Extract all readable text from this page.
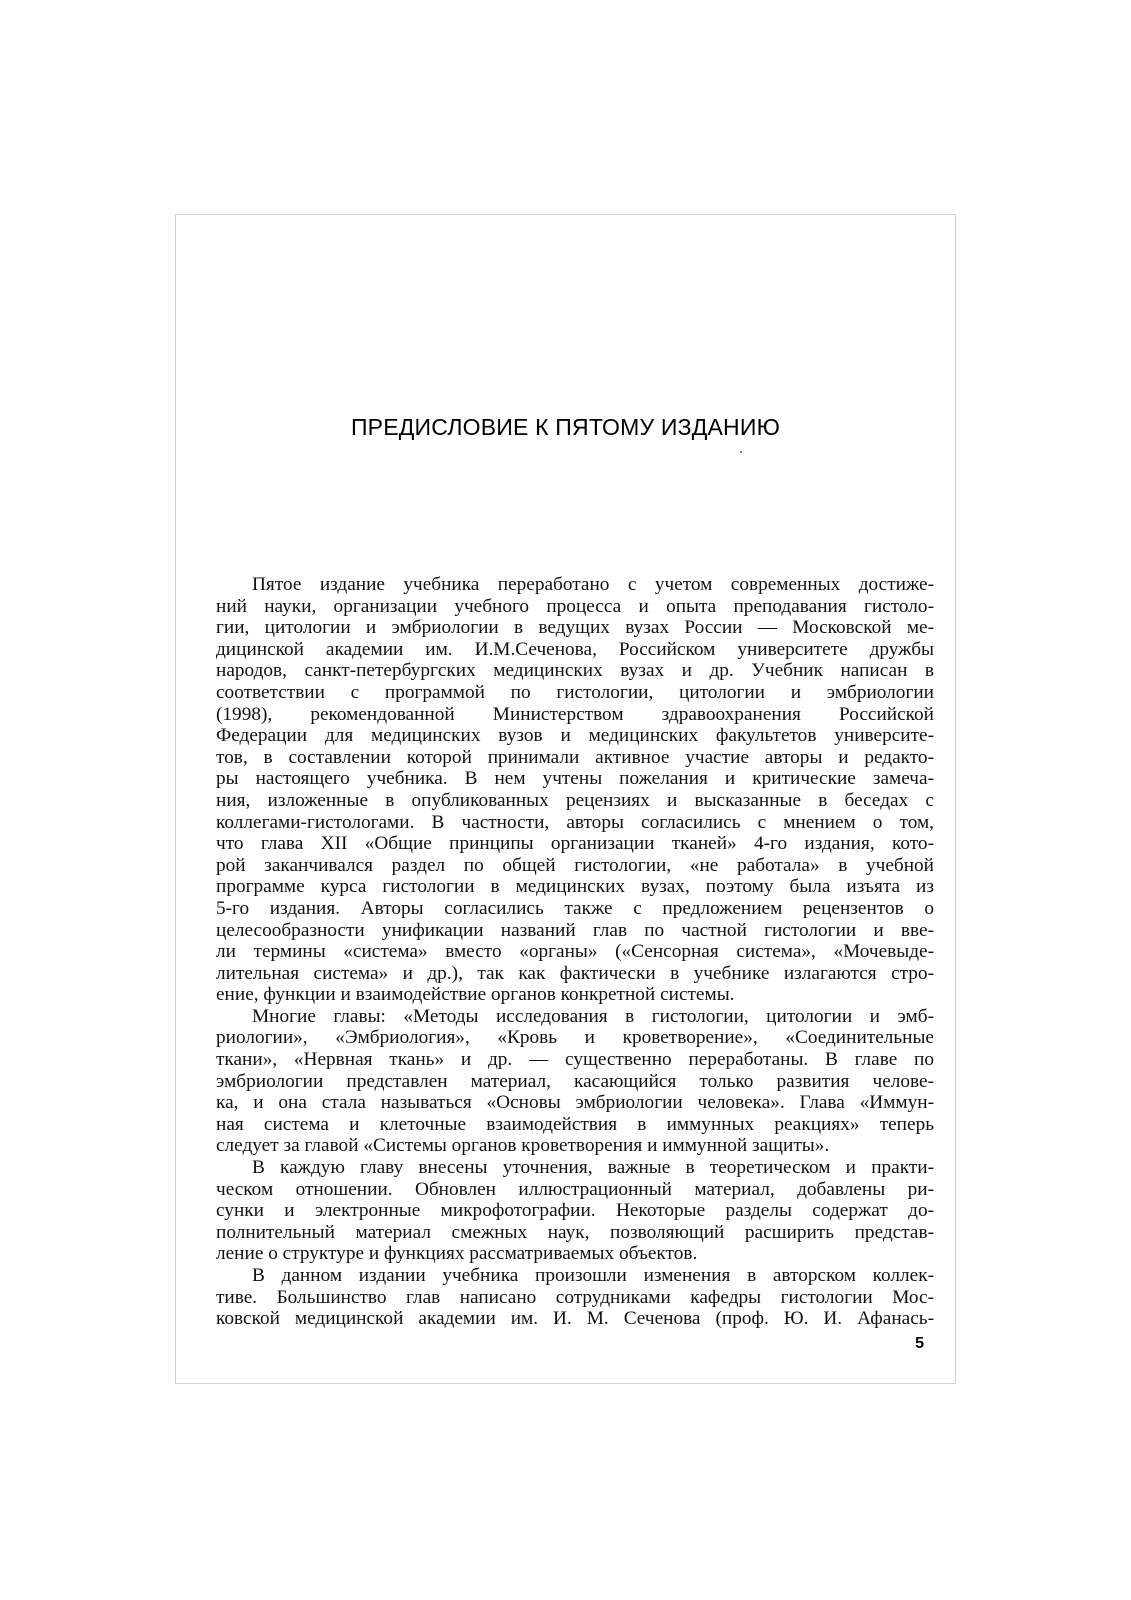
ПРЕДИСЛОВИЕ К ПЯТОМУ ИЗДАНИЮ
Пятое издание учебника переработано с учетом современных достиже-
ний науки, организации учебного процесса и опыта преподавания гистоло-
гии, цитологии и эмбриологии в ведущих вузах России — Московской ме-
дицинской академии им. И.М.Сеченова, Российском университете дружбы
народов, санкт-петербургских медицинских вузах и др. Учебник написан в
соответствии с программой по гистологии, цитологии и эмбриологии
(1998), рекомендованной Министерством здравоохранения Российской
Федерации для медицинских вузов и медицинских факультетов университе-
тов, в составлении которой принимали активное участие авторы и редакто-
ры настоящего учебника. В нем учтены пожелания и критические замеча-
ния, изложенные в опубликованных рецензиях и высказанные в беседах с
коллегами-гистологами. В частности, авторы согласились с мнением о том,
что глава XII «Общие принципы организации тканей» 4-го издания, кото-
рой заканчивался раздел по общей гистологии, «не работала» в учебной
программе курса гистологии в медицинских вузах, поэтому была изъята из
5-го издания. Авторы согласились также с предложением рецензентов о
целесообразности унификации названий глав по частной гистологии и вве-
ли термины «система» вместо «органы» («Сенсорная система», «Мочевыде-
лительная система» и др.), так как фактически в учебнике излагаются стро-
ение, функции и взаимодействие органов конкретной системы.
Многие главы: «Методы исследования в гистологии, цитологии и эмб-
риологии», «Эмбриология», «Кровь и кроветворение», «Соединительные
ткани», «Нервная ткань» и др. — существенно переработаны. В главе по
эмбриологии представлен материал, касающийся только развития челове-
ка, и она стала называться «Основы эмбриологии человека». Глава «Иммун-
ная система и клеточные взаимодействия в иммунных реакциях» теперь
следует за главой «Системы органов кроветворения и иммунной защиты».
В каждую главу внесены уточнения, важные в теоретическом и практи-
ческом отношении. Обновлен иллюстрационный материал, добавлены ри-
сунки и электронные микрофотографии. Некоторые разделы содержат до-
полнительный материал смежных наук, позволяющий расширить представ-
ление о структуре и функциях рассматриваемых объектов.
В данном издании учебника произошли изменения в авторском коллек-
тиве. Большинство глав написано сотрудниками кафедры гистологии Мос-
ковской медицинской академии им. И. М. Сеченова (проф. Ю. И. Афанась-
5
